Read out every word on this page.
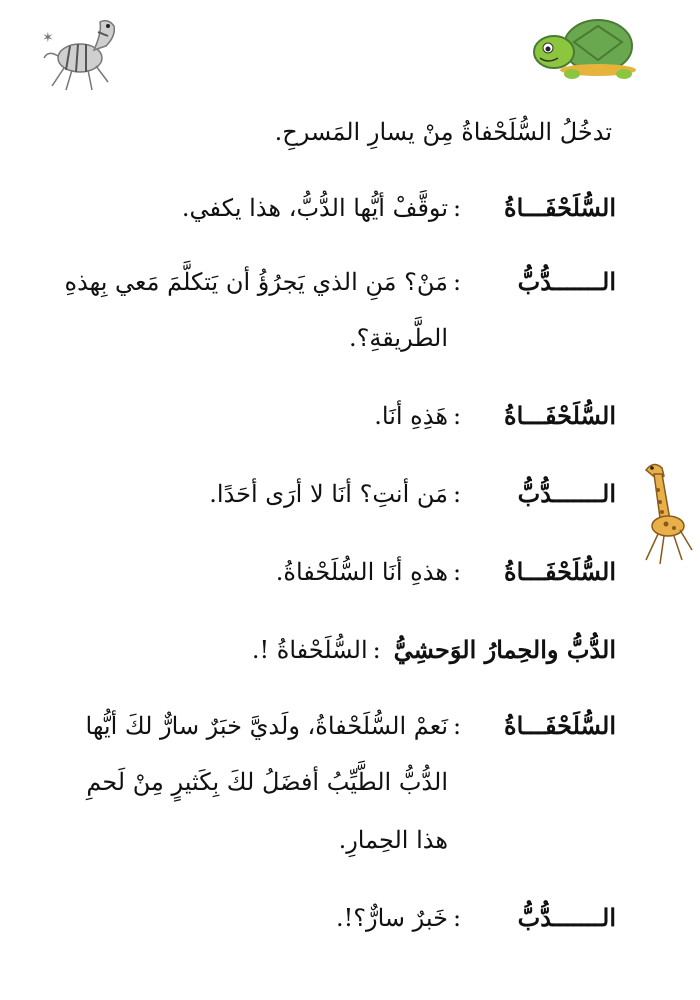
✶
تدخُلُ السُّلَحْفاةُ مِنْ يسارِ المَسرحِ.
السُّلَحْفَـــاةُ:توقَّفْ أيُّها الدُّبُّ، هذا يكفي.
الـــــــدُّبُّ:مَنْ؟ مَنِ الذي يَجرُؤُ أن يَتكلَّمَ مَعي بِهذهِ
الطَّريقةِ؟.
السُّلَحْفَـــاةُ:هَذِهِ أنَا.
الـــــــدُّبُّ:مَن أنتِ؟ أنَا لا أرَى أحَدًا.
السُّلَحْفَـــاةُ:هذهِ أنَا السُّلَحْفاةُ.
الدُّبُّ والحِمارُ الوَحشِيُّ:السُّلَحْفاةُ !.
السُّلَحْفَـــاةُ:نَعمْ السُّلَحْفاةُ، ولَديَّ خبَرٌ سارٌّ لكَ أيُّها
الدُّبُّ الطَّيِّبُ أفضَلُ لكَ بِكَثيرٍ مِنْ لَحمِ
هذا الحِمارِ.
الـــــــدُّبُّ:خَبرٌ سارٌّ؟!.
